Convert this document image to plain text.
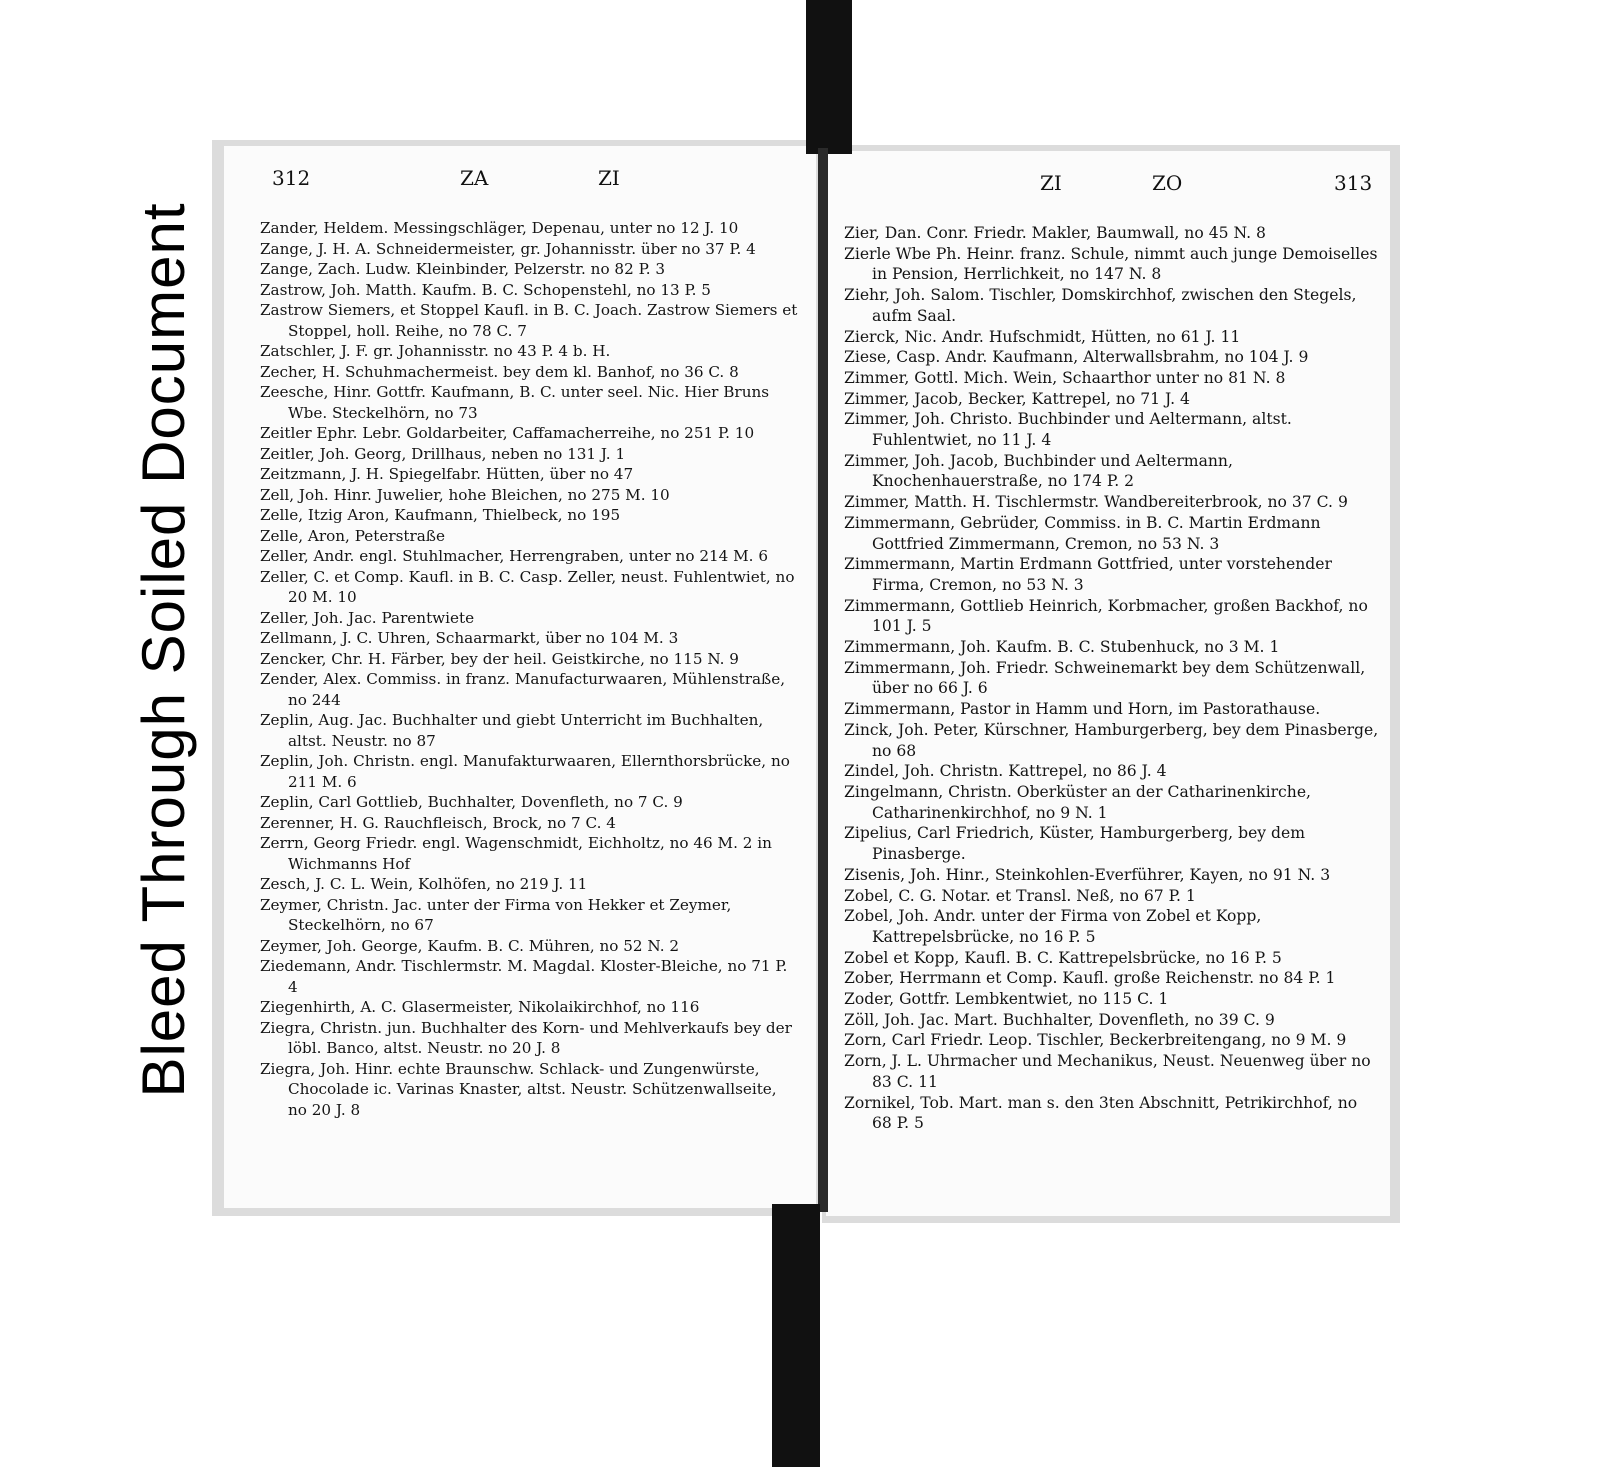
Bleed Through Soiled Document
312	ZA	ZI

Zander, Heldem. Messingschläger, Depenau, unter no 12 J. 10

Zange, J. H. A. Schneidermeister, gr. Johannisstr. über no 37 P. 4

Zange, Zach. Ludw. Kleinbinder, Pelzerstr. no 82 P. 3

Zastrow, Joh. Matth. Kaufm. B. C. Schopenstehl, no 13 P. 5

Zastrow Siemers, et Stoppel Kaufl. in B. C. Joach. Zastrow Siemers et Stoppel, holl. Reihe, no 78 C. 7

Zatschler, J. F. gr. Johannisstr. no 43 P. 4 b. H.

Zecher, H. Schuhmachermeist. bey dem kl. Banhof, no 36 C. 8

Zeesche, Hinr. Gottfr. Kaufmann, B. C. unter seel. Nic. Hier Bruns Wbe. Steckelhörn, no 73

Zeitler Ephr. Lebr. Goldarbeiter, Caffamacherreihe, no 251 P. 10

Zeitler, Joh. Georg, Drillhaus, neben no 131 J. 1

Zeitzmann, J. H. Spiegelfabr. Hütten, über no 47

Zell, Joh. Hinr. Juwelier, hohe Bleichen, no 275 M. 10

Zelle, Itzig Aron, Kaufmann, Thielbeck, no 195

Zelle, Aron, Peterstraße

Zeller, Andr. engl. Stuhlmacher, Herrengraben, unter no 214 M. 6

Zeller, C. et Comp. Kaufl. in B. C. Casp. Zeller, neust. Fuhlentwiet, no 20 M. 10

Zeller, Joh. Jac. Parentwiete

Zellmann, J. C. Uhren, Schaarmarkt, über no 104 M. 3

Zencker, Chr. H. Färber, bey der heil. Geistkirche, no 115 N. 9

Zender, Alex. Commiss. in franz. Manufacturwaaren, Mühlenstraße, no 244

Zeplin, Aug. Jac. Buchhalter und giebt Unterricht im Buchhalten, altst. Neustr. no 87

Zeplin, Joh. Christn. engl. Manufakturwaaren, Ellernthorsbrücke, no 211 M. 6

Zeplin, Carl Gottlieb, Buchhalter, Dovenfleth, no 7 C. 9

Zerenner, H. G. Rauchfleisch, Brock, no 7 C. 4

Zerrn, Georg Friedr. engl. Wagenschmidt, Eichholtz, no 46 M. 2 in Wichmanns Hof

Zesch, J. C. L. Wein, Kolhöfen, no 219 J. 11

Zeymer, Christn. Jac. unter der Firma von Hekker et Zeymer, Steckelhörn, no 67

Zeymer, Joh. George, Kaufm. B. C. Mühren, no 52 N. 2

Ziedemann, Andr. Tischlermstr. M. Magdal. Kloster-Bleiche, no 71 P. 4

Ziegenhirth, A. C. Glasermeister, Nikolaikirchhof, no 116

Ziegra, Christn. jun. Buchhalter des Korn- und Mehlverkaufs bey der löbl. Banco, altst. Neustr. no 20 J. 8

Ziegra, Joh. Hinr. echte Braunschw. Schlack- und Zungenwürste, Chocolade ic. Varinas Knaster, altst. Neustr. Schützenwallseite, no 20 J. 8

ZI	ZO	313

Zier, Dan. Conr. Friedr. Makler, Baumwall, no 45 N. 8

Zierle Wbe Ph. Heinr. franz. Schule, nimmt auch junge Demoiselles in Pension, Herrlichkeit, no 147 N. 8

Ziehr, Joh. Salom. Tischler, Domskirchhof, zwischen den Stegels, aufm Saal.

Zierck, Nic. Andr. Hufschmidt, Hütten, no 61 J. 11

Ziese, Casp. Andr. Kaufmann, Alterwallsbrahm, no 104 J. 9

Zimmer, Gottl. Mich. Wein, Schaarthor unter no 81 N. 8

Zimmer, Jacob, Becker, Kattrepel, no 71 J. 4

Zimmer, Joh. Christo. Buchbinder und Aeltermann, altst. Fuhlentwiet, no 11 J. 4

Zimmer, Joh. Jacob, Buchbinder und Aeltermann, Knochenhauerstraße, no 174 P. 2

Zimmer, Matth. H. Tischlermstr. Wandbereiterbrook, no 37 C. 9

Zimmermann, Gebrüder, Commiss. in B. C. Martin Erdmann Gottfried Zimmermann, Cremon, no 53 N. 3

Zimmermann, Martin Erdmann Gottfried, unter vorstehender Firma, Cremon, no 53 N. 3

Zimmermann, Gottlieb Heinrich, Korbmacher, großen Backhof, no 101 J. 5

Zimmermann, Joh. Kaufm. B. C. Stubenhuck, no 3 M. 1

Zimmermann, Joh. Friedr. Schweinemarkt bey dem Schützenwall, über no 66 J. 6

Zimmermann, Pastor in Hamm und Horn, im Pastorathause.

Zinck, Joh. Peter, Kürschner, Hamburgerberg, bey dem Pinasberge, no 68

Zindel, Joh. Christn. Kattrepel, no 86 J. 4

Zingelmann, Christn. Oberküster an der Catharinenkirche, Catharinenkirchhof, no 9 N. 1

Zipelius, Carl Friedrich, Küster, Hamburgerberg, bey dem Pinasberge.

Zisenis, Joh. Hinr., Steinkohlen-Everführer, Kayen, no 91 N. 3

Zobel, C. G. Notar. et Transl. Neß, no 67 P. 1

Zobel, Joh. Andr. unter der Firma von Zobel et Kopp, Kattrepelsbrücke, no 16 P. 5

Zobel et Kopp, Kaufl. B. C. Kattrepelsbrücke, no 16 P. 5

Zober, Herrmann et Comp. Kaufl. große Reichenstr. no 84 P. 1

Zoder, Gottfr. Lembkentwiet, no 115 C. 1

Zöll, Joh. Jac. Mart. Buchhalter, Dovenfleth, no 39 C. 9

Zorn, Carl Friedr. Leop. Tischler, Beckerbreitengang, no 9 M. 9

Zorn, J. L. Uhrmacher und Mechanikus, Neust. Neuenweg über no 83 C. 11

Zornikel, Tob. Mart. man s. den 3ten Abschnitt, Petrikirchhof, no 68 P. 5
